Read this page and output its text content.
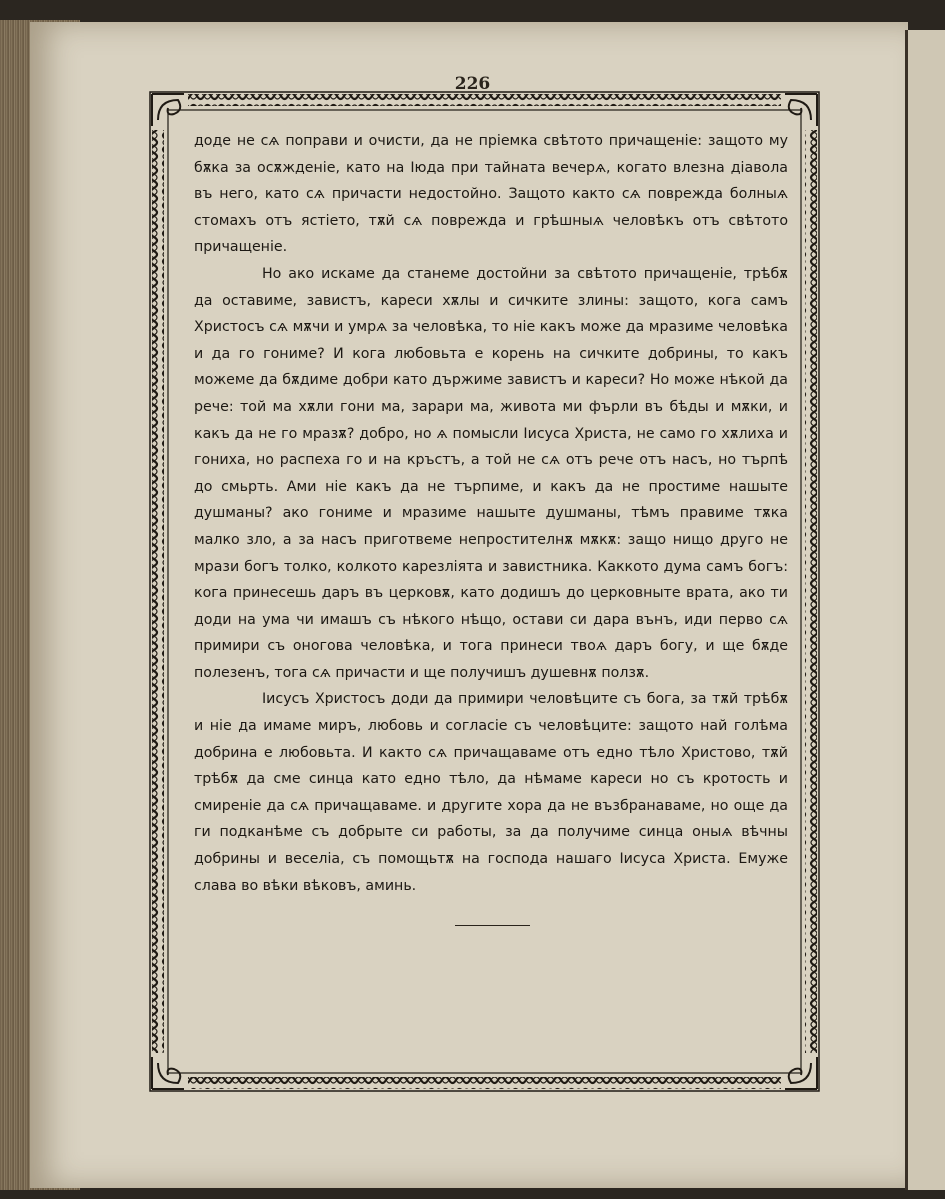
226

доде не сѧ поправи и очисти, да не пріемка свѣтото причащеніе: защото му бѫка за осѫжденіе, като на Іюда при тайната вечерѧ, когато влезна діавола въ него, като сѧ причасти недостойно. Защото както сѧ поврежда болныѧ стомахъ отъ ястіето, тѫй сѧ поврежда и грѣшныѧ человѣкъ отъ свѣтото причащеніе.

Но ако искаме да станеме достойни за свѣтото причащеніе, трѣбѫ да оставиме, завистъ, кареси хѫлы и сичките злины: защото, кога самъ Христосъ сѧ мѫчи и умрѧ за человѣка, то ніе какъ може да мразиме человѣка и да го гониме? И кога любовьта е корень на сичките добрины, то какъ можеме да бѫдиме добри като държиме завистъ и кареси? Но може нѣкой да рече: той ма хѫли гони ма, зарари ма, живота ми фърли въ бѣды и мѫки, и какъ да не го мразѫ? добро, но ѧ помысли Іисуса Христа, не само го хѫлиха и гониха, но распеха го и на кръстъ, а той не сѧ отъ рече отъ насъ, но търпѣ до смьрть. Ами ніе какъ да не търпиме, и какъ да не простиме нашыте душманы? ако гониме и мразиме нашыте душманы, тѣмъ правиме тѫка малко зло, а за насъ приготвеме непростителнѫ мѫкѫ: защо нищо друго не мрази богъ толко, колкото карезліята и завистника. Каккото дума самъ богъ: кога принесешь даръ въ церковѫ, като додишъ до церковныте врата, ако ти доди на ума чи имашъ съ нѣкого нѣщо, остави си дара вънъ, иди перво сѧ примири съ оногова человѣка, и тога принеси твоѧ даръ богу, и ще бѫде полезенъ, тога сѧ причасти и ще получишъ душевнѫ ползѫ.

Іисусъ Христосъ доди да примири человѣците съ бога, за тѫй трѣбѫ и ніе да имаме миръ, любовь и согласіе съ человѣците: защото най голѣма добрина е любовьта. И както сѧ причащаваме отъ едно тѣло Христово, тѫй трѣбѫ да сме синца като едно тѣло, да нѣмаме кареси но съ кротость и смиреніе да сѧ причащаваме. и другите хора да не възбранаваме, но още да ги подканѣме съ добрыте си работы, за да получиме синца оныѧ вѣчны добрины и веселіа, съ помощьтѫ на господа нашаго Іисуса Христа. Емуже слава во вѣки вѣковъ, аминь.
